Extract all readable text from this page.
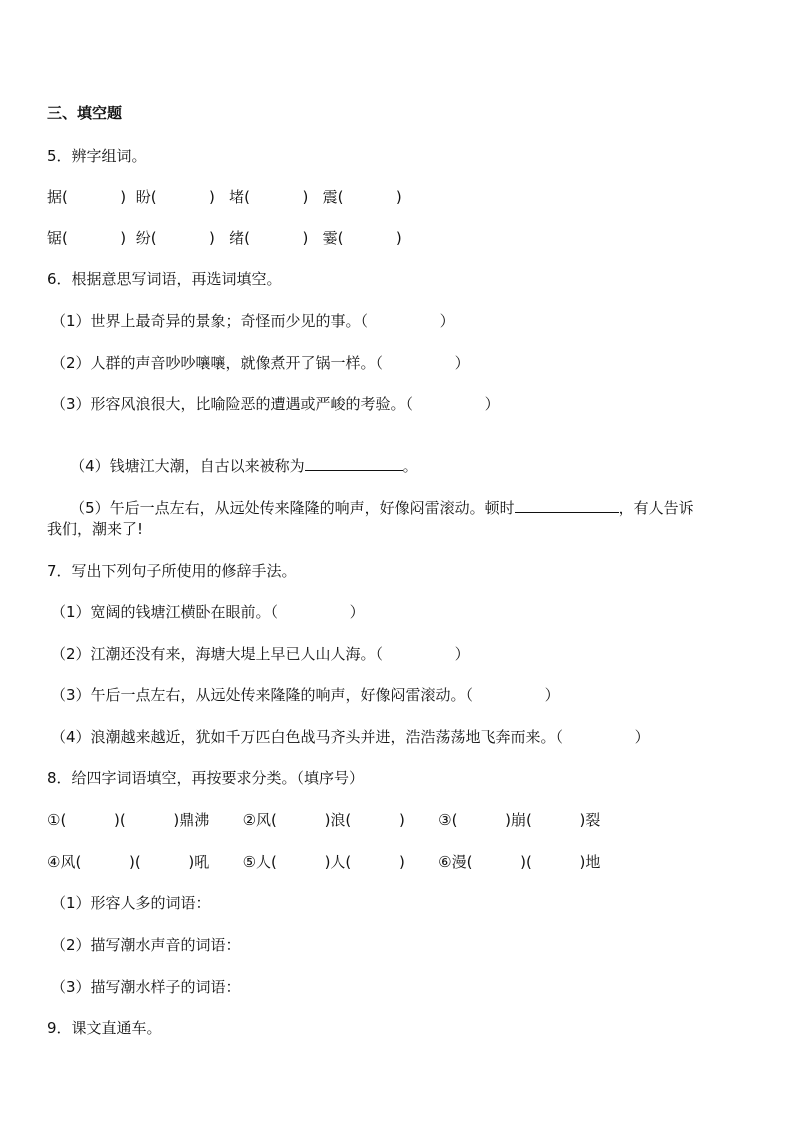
三、填空题
5．辨字组词。
据(           )  盼(           )   堵(           )   震(           )
锯(           )  纷(           )   绪(           )   霎(           )
6．根据意思写词语，再选词填空。
（1）世界上最奇异的景象；奇怪而少见的事。（               ）
（2）人群的声音吵吵嚷嚷，就像煮开了锅一样。（               ）
（3）形容风浪很大，比喻险恶的遭遇或严峻的考验。（               ）

（4）钱塘江大潮，自古以来被称为	。

（5）午后一点左右，从远处传来隆隆的响声，好像闷雷滚动。顿时	，有人告诉

我们，潮来了!
7．写出下列句子所使用的修辞手法。
（1）宽阔的钱塘江横卧在眼前。（               ）
（2）江潮还没有来，海塘大堤上早已人山人海。（               ）
（3）午后一点左右，从远处传来隆隆的响声，好像闷雷滚动。（               ）
（4）浪潮越来越近，犹如千万匹白色战马齐头并进，浩浩荡荡地飞奔而来。（               ）
8．给四字词语填空，再按要求分类。（填序号）
①(          )(          )鼎沸       ②风(          )浪(          )       ③(          )崩(          )裂
④风(          )(          )吼       ⑤人(          )人(          )       ⑥漫(          )(          )地
（1）形容人多的词语：
（2）描写潮水声音的词语：
（3）描写潮水样子的词语：
9．课文直通车。
